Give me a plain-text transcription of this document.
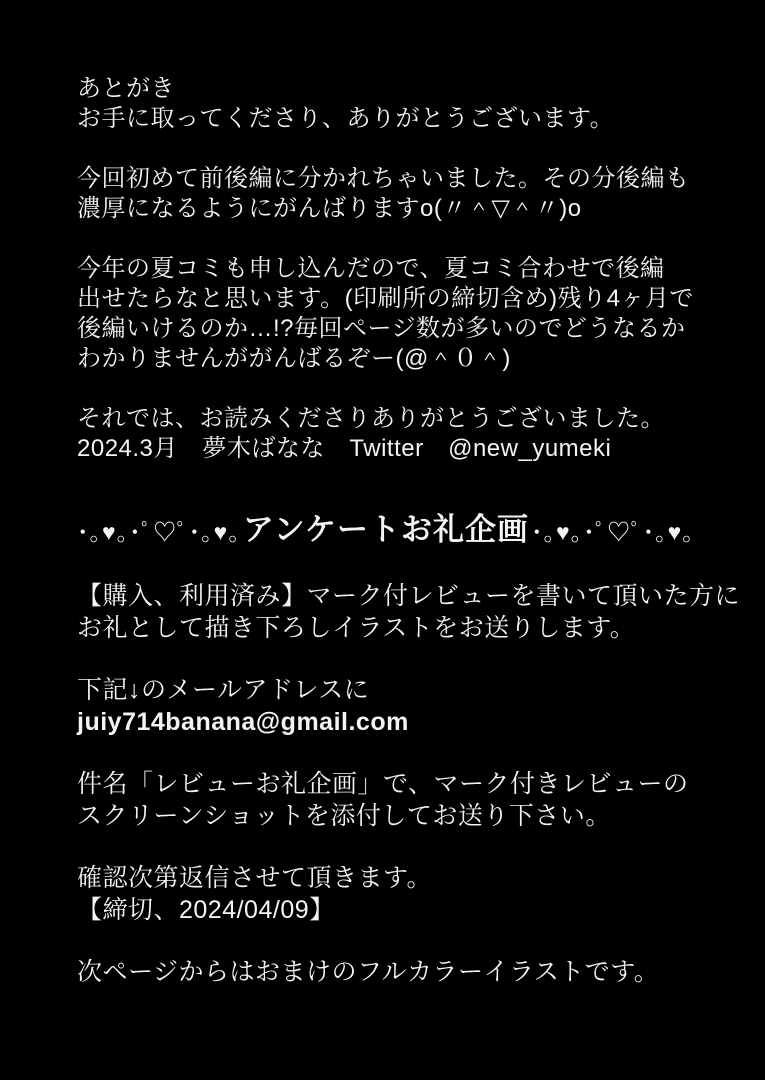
あとがき
お手に取ってくださり、ありがとうございます。
今回初めて前後編に分かれちゃいました。その分後編も
濃厚になるようにがんばりますo(〃＾▽＾〃)o
今年の夏コミも申し込んだので、夏コミ合わせで後編
出せたらなと思います。(印刷所の締切含め)残り4ヶ月で
後編いけるのか…!?毎回ページ数が多いのでどうなるか
わかりませんががんばるぞー(@＾０＾)
それでは、お読みくださりありがとうございました。
2024.3月　夢木ばなな　Twitter　@new_yumeki
･｡♥｡･ﾟ♡ﾟ･｡♥｡ アンケートお礼企画 ･｡♥｡･ﾟ♡ﾟ･｡♥｡
【購入、利用済み】マーク付レビューを書いて頂いた方に
お礼として描き下ろしイラストをお送りします。
下記↓のメールアドレスに
juiy714banana@gmail.com
件名「レビューお礼企画」で、マーク付きレビューの
スクリーンショットを添付してお送り下さい。
確認次第返信させて頂きます。
【締切、2024/04/09】
次ページからはおまけのフルカラーイラストです。
